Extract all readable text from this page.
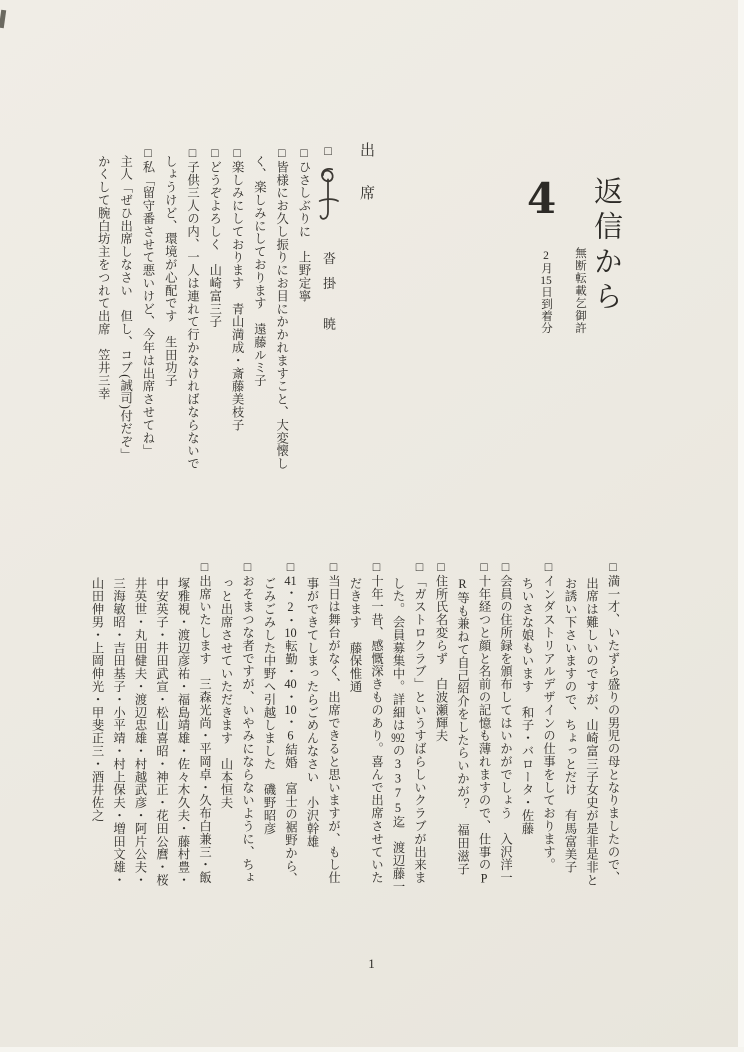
返信から
4
無断転載乞御許
2月15日到着分
出席
□沓掛 暁
□ひさしぶりに　上野定寧
□皆様にお久し振りにお目にかかれますこと、大変懐し
く、楽しみにしております　遠藤ルミ子
□楽しみにしております　青山満成・斎藤美枝子
□どうぞよろしく　山崎富三子
□子供三人の内、一人は連れて行かなければならないで
しょうけど、環境が心配です　生田功子
□私「留守番させて悪いけど、今年は出席させてね」
主人「ぜひ出席しなさい　但し、コブ(誠司)付だぞ」
かくして腕白坊主をつれて出席　笠井三幸
□満一才、いたずら盛りの男児の母となりましたので、
出席は難しいのですが、山崎富三子女史が是非是非と
お誘い下さいますので、ちょっとだけ　有馬富美子
□インダストリアルデザインの仕事をしております。
ちいさな娘もいます　和子・バロータ・佐藤
□会員の住所録を頒布してはいかがでしょう　入沢洋一
□十年経つと顔と名前の記憶も薄れますので、仕事のP
R等も兼ねて自己紹介をしたらいかが？　福田滋子
□住所氏名変らず　白波瀬輝夫
□「ガストロクラブ」というすばらしいクラブが出来ま
した。会員募集中。詳細は992の3375迄　渡辺藤一
□十年一昔、感慨深きものあり。喜んで出席させていた
だきます　藤保惟通
□当日は舞台がなく、出席できると思いますが、もし仕
事ができてしまったらごめんなさい　小沢幹雄
□41・2・10転勤・40・10・6結婚　富士の裾野から、
ごみごみした中野へ引越しました　磯野昭彦
□おそまつな者ですが、いやみにならないように、ちょ
っと出席させていただきます　山本恒夫
□出席いたします　三森光尚・平岡卓・久布白兼三・飯
塚雅視・渡辺彦祐・福島靖雄・佐々木久夫・藤村豊・
中安英子・井田武宣・松山喜昭・神正・花田公麿・桜
井英世・丸田健夫・渡辺忠雄・村越武彦・阿片公夫・
三海敏昭・吉田基子・小平靖・村上保夫・増田文雄・
山田伸男・上岡伸光・甲斐正三・酒井佐之
1
